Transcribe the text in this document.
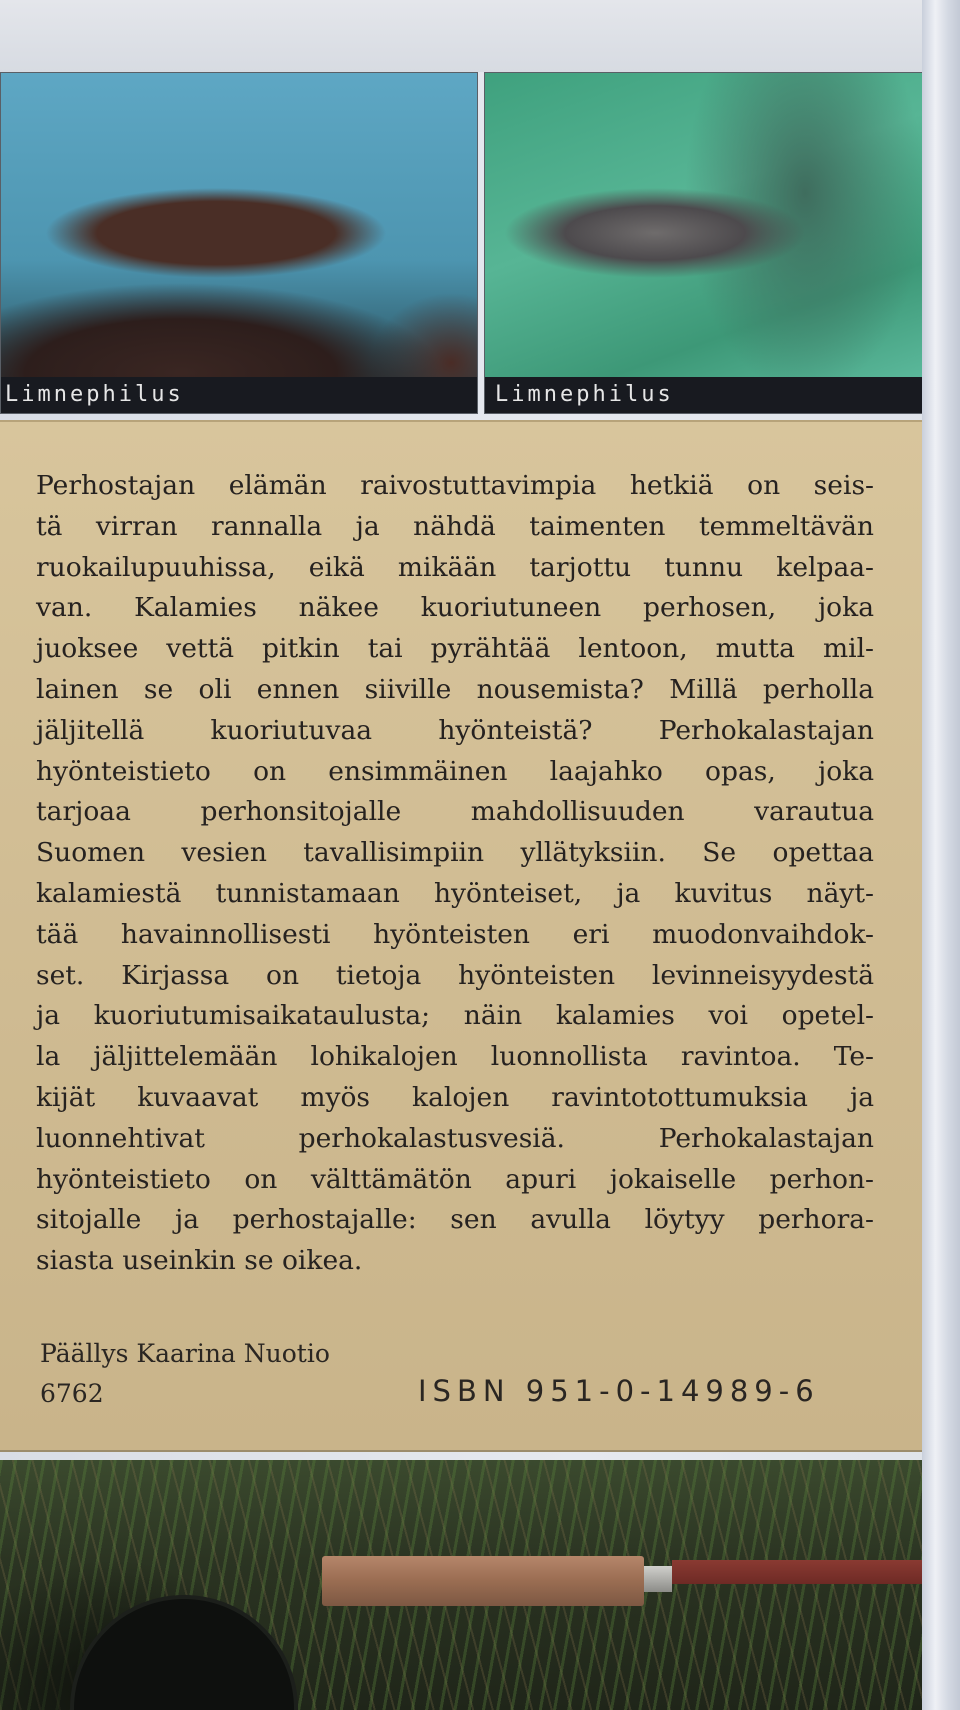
Limnephilus	Limnephilus
Perhostajan elämän raivostuttavimpia hetkiä on seis-
tä virran rannalla ja nähdä taimenten temmeltävän
ruokailupuuhissa, eikä mikään tarjottu tunnu kelpaa-
van. Kalamies näkee kuoriutuneen perhosen, joka
juoksee vettä pitkin tai pyrähtää lentoon, mutta mil-
lainen se oli ennen siiville nousemista? Millä perholla
jäljitellä kuoriutuvaa hyönteistä? Perhokalastajan
hyönteistieto on ensimmäinen laajahko opas, joka
tarjoaa perhonsitojalle mahdollisuuden varautua
Suomen vesien tavallisimpiin yllätyksiin. Se opettaa
kalamiestä tunnistamaan hyönteiset, ja kuvitus näyt-
tää havainnollisesti hyönteisten eri muodonvaihdok-
set. Kirjassa on tietoja hyönteisten levinneisyydestä
ja kuoriutumisaikataulusta; näin kalamies voi opetel-
la jäljittelemään lohikalojen luonnollista ravintoa. Te-
kijät kuvaavat myös kalojen ravintotottumuksia ja
luonnehtivat perhokalastusvesiä. Perhokalastajan
hyönteistieto on välttämätön apuri jokaiselle perhon-
sitojalle ja perhostajalle: sen avulla löytyy perhora-
siasta useinkin se oikea.
Päällys Kaarina Nuotio
6762	ISBN 951-0-14989-6
